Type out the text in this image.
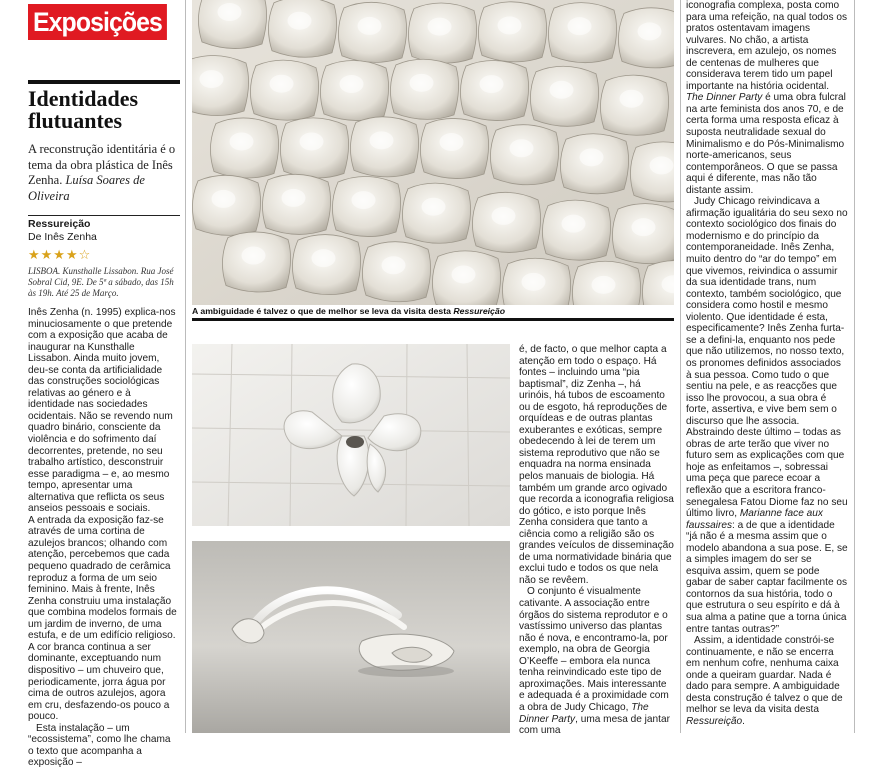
Exposições
Identidades flutuantes

A reconstrução identitária é o tema da obra plástica de Inês Zenha. Luísa Soares de Oliveira

Ressureição

De Inês Zenha

★★★★☆

LISBOA. Kunsthalle Lissabon. Rua José Sobral Cid, 9E. De 5ª a sábado, das 15h às 19h. Até 25 de Março.

Inês Zenha (n. 1995) explica-nos minuciosamente o que pretende com a exposição que acaba de inaugurar na Kunsthalle Lissabon. Ainda muito jovem, deu-se conta da artificialidade das construções sociológicas relativas ao género e à identidade nas sociedades ocidentais. Não se revendo num quadro binário, consciente da violência e do sofrimento daí decorrentes, pretende, no seu trabalho artístico, desconstruir esse paradigma – e, ao mesmo tempo, apresentar uma alternativa que reflicta os seus anseios pessoais e sociais.

A entrada da exposição faz-se através de uma cortina de azulejos brancos; olhando com atenção, percebemos que cada pequeno quadrado de cerâmica reproduz a forma de um seio feminino. Mais à frente, Inês Zenha construiu uma instalação que combina modelos formais de um jardim de inverno, de uma estufa, e de um edifício religioso. A cor branca continua a ser dominante, exceptuando num dispositivo – um chuveiro que, periodicamente, jorra água por cima de outros azulejos, agora em cru, desfazendo-os pouco a pouco.

Esta instalação – um “ecossistema”, como lhe chama o texto que acompanha a exposição –

A ambiguidade é talvez o que de melhor se leva da visita desta Ressureição

é, de facto, o que melhor capta a atenção em todo o espaço. Há fontes – incluindo uma “pia baptismal”, diz Zenha –, há urinóis, há tubos de escoamento ou de esgoto, há reproduções de orquídeas e de outras plantas exuberantes e exóticas, sempre obedecendo à lei de terem um sistema reprodutivo que não se enquadra na norma ensinada pelos manuais de biologia. Há também um grande arco ogivado que recorda a iconografia religiosa do gótico, e isto porque Inês Zenha considera que tanto a ciência como a religião são os grandes veículos de disseminação de uma normatividade binária que exclui tudo e todos os que nela não se revêem.

O conjunto é visualmente cativante. A associação entre órgãos do sistema reprodutor e o vastíssimo universo das plantas não é nova, e encontramo-la, por exemplo, na obra de Georgia O’Keeffe – embora ela nunca tenha reinvindicado este tipo de aproximações. Mais interessante e adequada é a proximidade com a obra de Judy Chicago, The Dinner Party, uma mesa de jantar com uma

iconografia complexa, posta como para uma refeição, na qual todos os pratos ostentavam imagens vulvares. No chão, a artista inscrevera, em azulejo, os nomes de centenas de mulheres que considerava terem tido um papel importante na história ocidental. The Dinner Party é uma obra fulcral na arte feminista dos anos 70, e de certa forma uma resposta eficaz à suposta neutralidade sexual do Minimalismo e do Pós-Minimalismo norte-americanos, seus contemporâneos. O que se passa aqui é diferente, mas não tão distante assim.

Judy Chicago reivindicava a afirmação igualitária do seu sexo no contexto sociológico dos finais do modernismo e do princípio da contemporaneidade. Inês Zenha, muito dentro do “ar do tempo” em que vivemos, reivindica o assumir da sua identidade trans, num contexto, também sociológico, que considera como hostil e mesmo violento. Que identidade é esta, especificamente? Inês Zenha furta-se a defini-la, enquanto nos pede que não utilizemos, no nosso texto, os pronomes definidos associados à sua pessoa. Como tudo o que sentiu na pele, e as reacções que isso lhe provocou, a sua obra é forte, assertiva, e vive bem sem o discurso que lhe associa. Abstraindo deste último – todas as obras de arte terão que viver no futuro sem as explicações com que hoje as enfeitamos –, sobressai uma peça que parece ecoar a reflexão que a escritora franco-senegalesa Fatou Diome faz no seu último livro, Marianne face aux faussaires: a de que a identidade “já não é a mesma assim que o modelo abandona a sua pose. E, se a simples imagem do ser se esquiva assim, quem se pode gabar de saber captar facilmente os contornos da sua história, todo o que estrutura o seu espírito e dá à sua alma a patine que a torna única entre tantas outras?”

Assim, a identidade constrói-se continuamente, e não se encerra em nenhum cofre, nenhuma caixa onde a queiram guardar. Nada é dado para sempre. A ambiguidade desta construção é talvez o que de melhor se leva da visita desta Ressureição.
